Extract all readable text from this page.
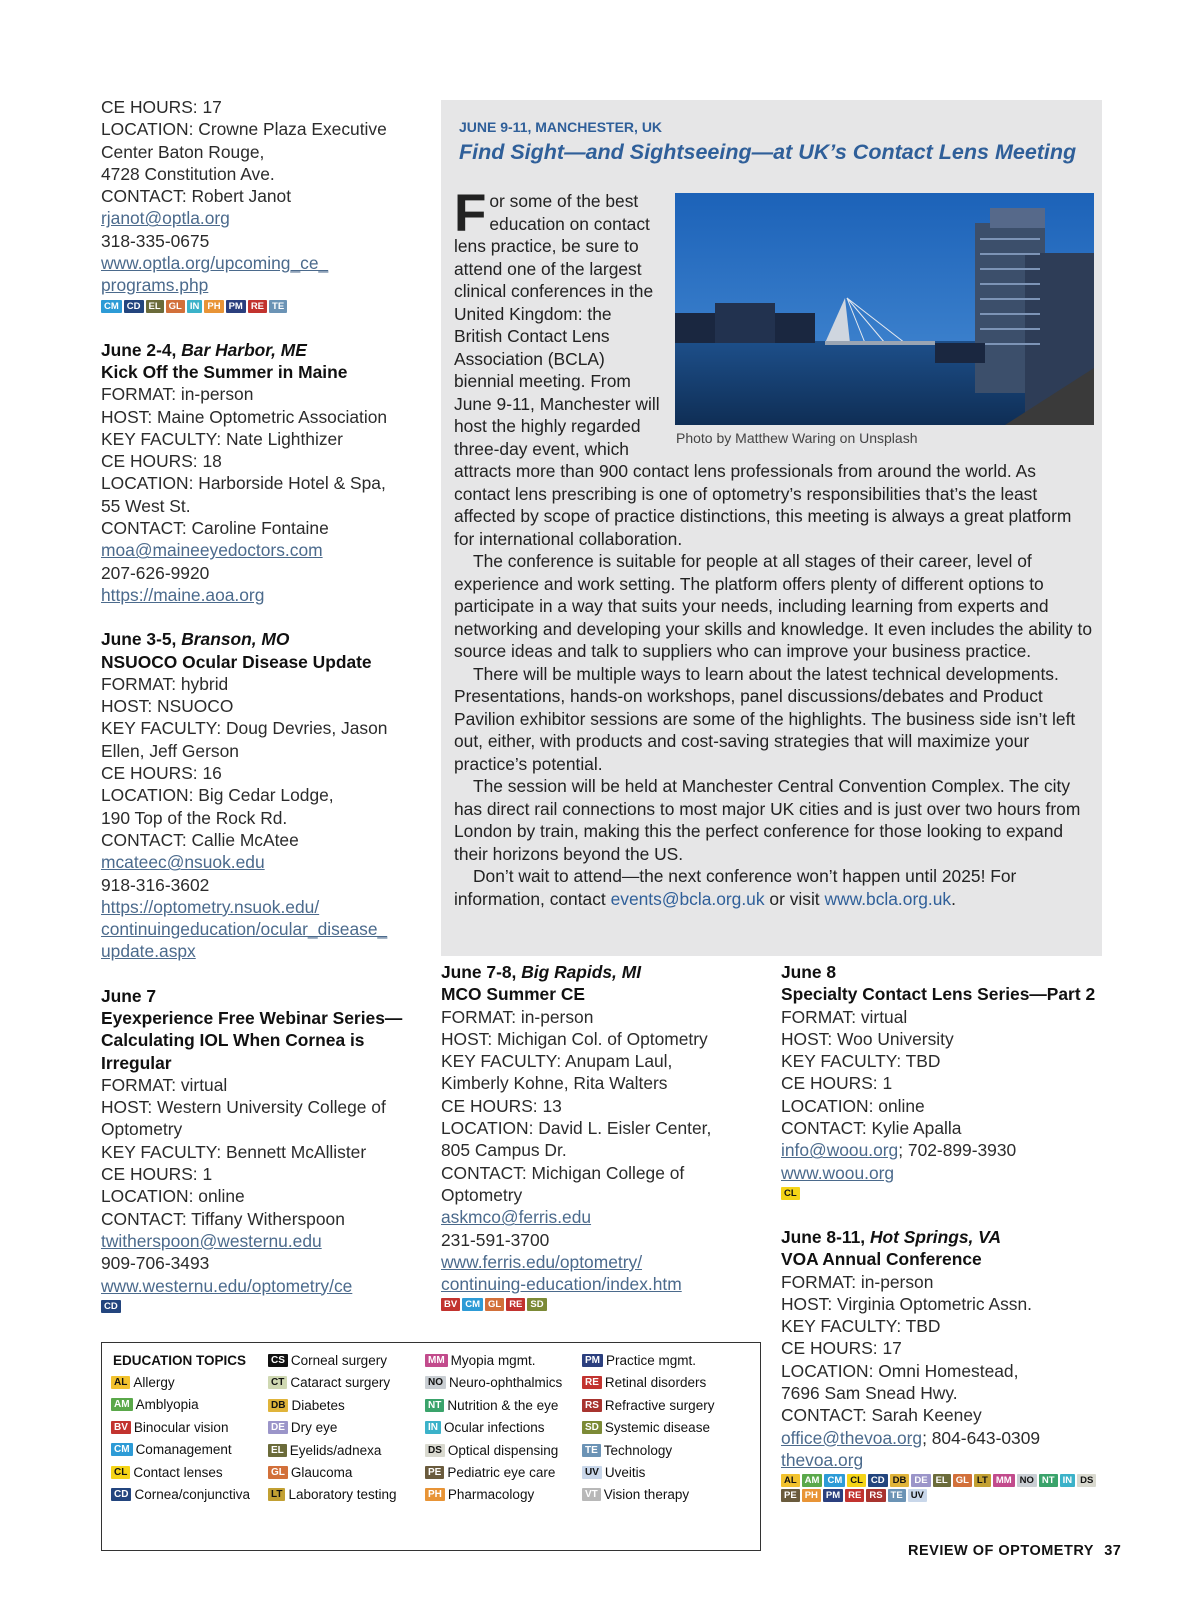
CE HOURS: 17

LOCATION: Crowne Plaza Executive

Center Baton Rouge,

4728 Constitution Ave.

CONTACT: Robert Janot

rjanot@optla.org

318-335-0675

www.optla.org/upcoming_ce_

programs.php

CM CD EL GL IN PH PM RE TE

June 2-4, Bar Harbor, ME

Kick Off the Summer in Maine

FORMAT: in-person

HOST: Maine Optometric Association

KEY FACULTY: Nate Lighthizer

CE HOURS: 18

LOCATION: Harborside Hotel & Spa,

55 West St.

CONTACT: Caroline Fontaine

moa@maineeyedoctors.com

207-626-9920

https://maine.aoa.org

June 3-5, Branson, MO

NSUOCO Ocular Disease Update

FORMAT: hybrid

HOST: NSUOCO

KEY FACULTY: Doug Devries, Jason

Ellen, Jeff Gerson

CE HOURS: 16

LOCATION: Big Cedar Lodge,

190 Top of the Rock Rd.

CONTACT: Callie McAtee

mcateec@nsuok.edu

918-316-3602

https://optometry.nsuok.edu/

continuingeducation/ocular_disease_

update.aspx

June 7

Eyexperience Free Webinar Series—

Calculating IOL When Cornea is

Irregular

FORMAT: virtual

HOST: Western University College of

Optometry

KEY FACULTY: Bennett McAllister

CE HOURS: 1

LOCATION: online

CONTACT: Tiffany Witherspoon

twitherspoon@westernu.edu

909-706-3493

www.westernu.edu/optometry/ce

CD
JUNE 9-11, MANCHESTER, UK
Find Sight—and Sightseeing—at UK’s Contact Lens Meeting
Photo by Matthew Waring on Unsplash

For some of the best education on contact lens practice, be sure to attend one of the largest clinical conferences in the United Kingdom: the British Contact Lens Association (BCLA) biennial meeting. From June 9-11, Manchester will host the highly regarded three-day event, which attracts more than 900 contact lens professionals from around the world. As contact lens prescribing is one of optometry’s responsibilities that’s the least affected by scope of practice distinctions, this meeting is always a great platform for international collaboration.

The conference is suitable for people at all stages of their career, level of experience and work setting. The platform offers plenty of different options to participate in a way that suits your needs, including learning from experts and networking and developing your skills and knowledge. It even includes the ability to source ideas and talk to suppliers who can improve your business practice.

There will be multiple ways to learn about the latest technical developments. Presentations, hands-on workshops, panel discussions/debates and Product Pavilion exhibitor sessions are some of the highlights. The business side isn’t left out, either, with products and cost-saving strategies that will maximize your practice’s potential.

The session will be held at Manchester Central Convention Complex. The city has direct rail connections to most major UK cities and is just over two hours from London by train, making this the perfect conference for those looking to expand their horizons beyond the US.

Don’t wait to attend—the next conference won’t happen until 2025! For information, contact events@bcla.org.uk or visit www.bcla.org.uk.

June 7-8, Big Rapids, MI

MCO Summer CE

FORMAT: in-person

HOST: Michigan Col. of Optometry

KEY FACULTY: Anupam Laul,

Kimberly Kohne, Rita Walters

CE HOURS: 13

LOCATION: David L. Eisler Center,

805 Campus Dr.

CONTACT: Michigan College of

Optometry

askmco@ferris.edu

231-591-3700

www.ferris.edu/optometry/

continuing-education/index.htm

BV CM GL RE SD

June 8

Specialty Contact Lens Series—Part 2

FORMAT: virtual

HOST: Woo University

KEY FACULTY: TBD

CE HOURS: 1

LOCATION: online

CONTACT: Kylie Apalla

info@woou.org; 702-899-3930

www.woou.org

CL

June 8-11, Hot Springs, VA

VOA Annual Conference

FORMAT: in-person

HOST: Virginia Optometric Assn.

KEY FACULTY: TBD

CE HOURS: 17

LOCATION: Omni Homestead,

7696 Sam Snead Hwy.

CONTACT: Sarah Keeney

office@thevoa.org; 804-643-0309

thevoa.org

AL AM CM CL CD DB DE EL GL LT MM NO NT IN DS
PE PH PM RE RS TE UV
EDUCATION TOPICS
AL Allergy
AM Amblyopia
BV Binocular vision
CM Comanagement
CL Contact lenses
CD Cornea/conjunctiva
CS Corneal surgery
CT Cataract surgery
DB Diabetes
DE Dry eye
EL Eyelids/adnexa
GL Glaucoma
LT Laboratory testing
MM Myopia mgmt.
NO Neuro-ophthalmics
NT Nutrition & the eye
IN Ocular infections
DS Optical dispensing
PE Pediatric eye care
PH Pharmacology
PM Practice mgmt.
RE Retinal disorders
RS Refractive surgery
SD Systemic disease
TE Technology
UV Uveitis
VT Vision therapy
REVIEW OF OPTOMETRY 37
